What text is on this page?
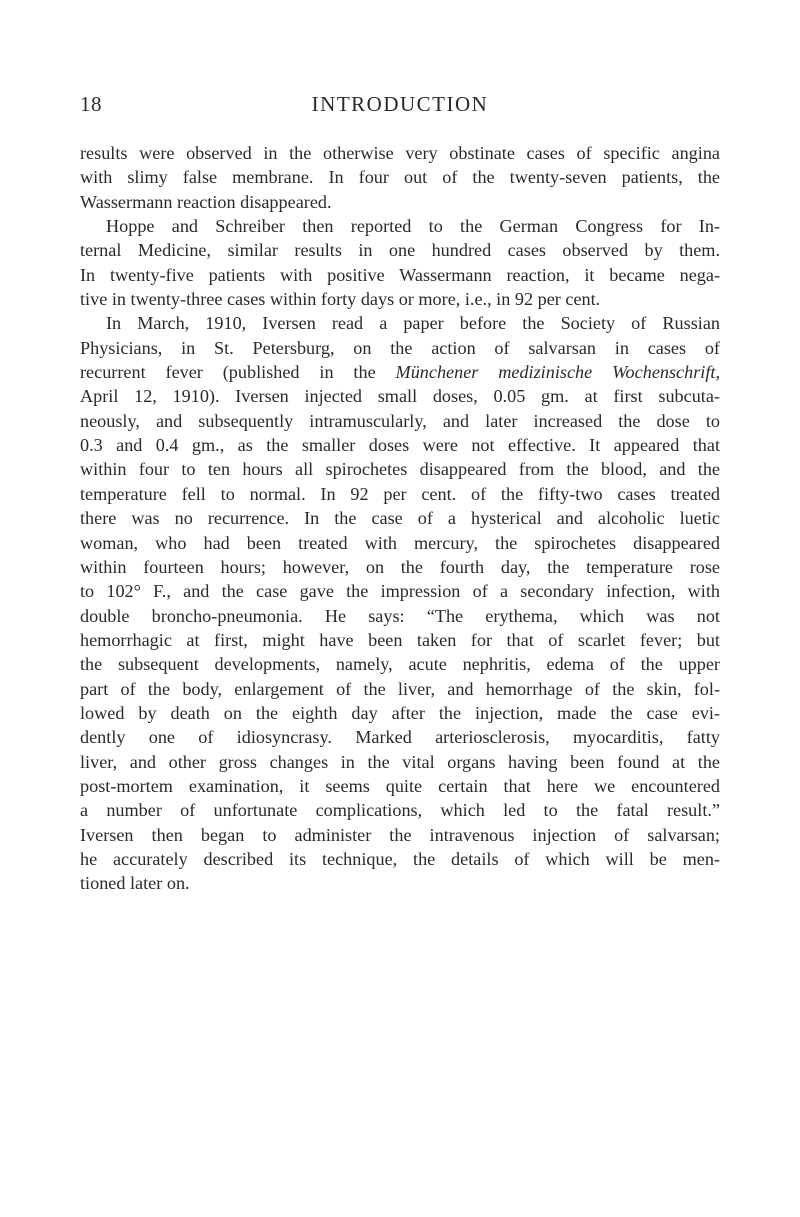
18	INTRODUCTION
results were observed in the otherwise very obstinate cases of specific angina
with slimy false membrane. In four out of the twenty-seven patients, the
Wassermann reaction disappeared.
Hoppe and Schreiber then reported to the German Congress for In-
ternal Medicine, similar results in one hundred cases observed by them.
In twenty-five patients with positive Wassermann reaction, it became nega-
tive in twenty-three cases within forty days or more, i.e., in 92 per cent.
In March, 1910, Iversen read a paper before the Society of Russian
Physicians, in St. Petersburg, on the action of salvarsan in cases of
recurrent fever (published in the Münchener medizinische Wochenschrift,
April 12, 1910). Iversen injected small doses, 0.05 gm. at first subcuta-
neously, and subsequently intramuscularly, and later increased the dose to
0.3 and 0.4 gm., as the smaller doses were not effective. It appeared that
within four to ten hours all spirochetes disappeared from the blood, and the
temperature fell to normal. In 92 per cent. of the fifty-two cases treated
there was no recurrence. In the case of a hysterical and alcoholic luetic
woman, who had been treated with mercury, the spirochetes disappeared
within fourteen hours; however, on the fourth day, the temperature rose
to 102° F., and the case gave the impression of a secondary infection, with
double broncho-pneumonia. He says: “The erythema, which was not
hemorrhagic at first, might have been taken for that of scarlet fever; but
the subsequent developments, namely, acute nephritis, edema of the upper
part of the body, enlargement of the liver, and hemorrhage of the skin, fol-
lowed by death on the eighth day after the injection, made the case evi-
dently one of idiosyncrasy. Marked arteriosclerosis, myocarditis, fatty
liver, and other gross changes in the vital organs having been found at the
post-mortem examination, it seems quite certain that here we encountered
a number of unfortunate complications, which led to the fatal result.”
Iversen then began to administer the intravenous injection of salvarsan;
he accurately described its technique, the details of which will be men-
tioned later on.
